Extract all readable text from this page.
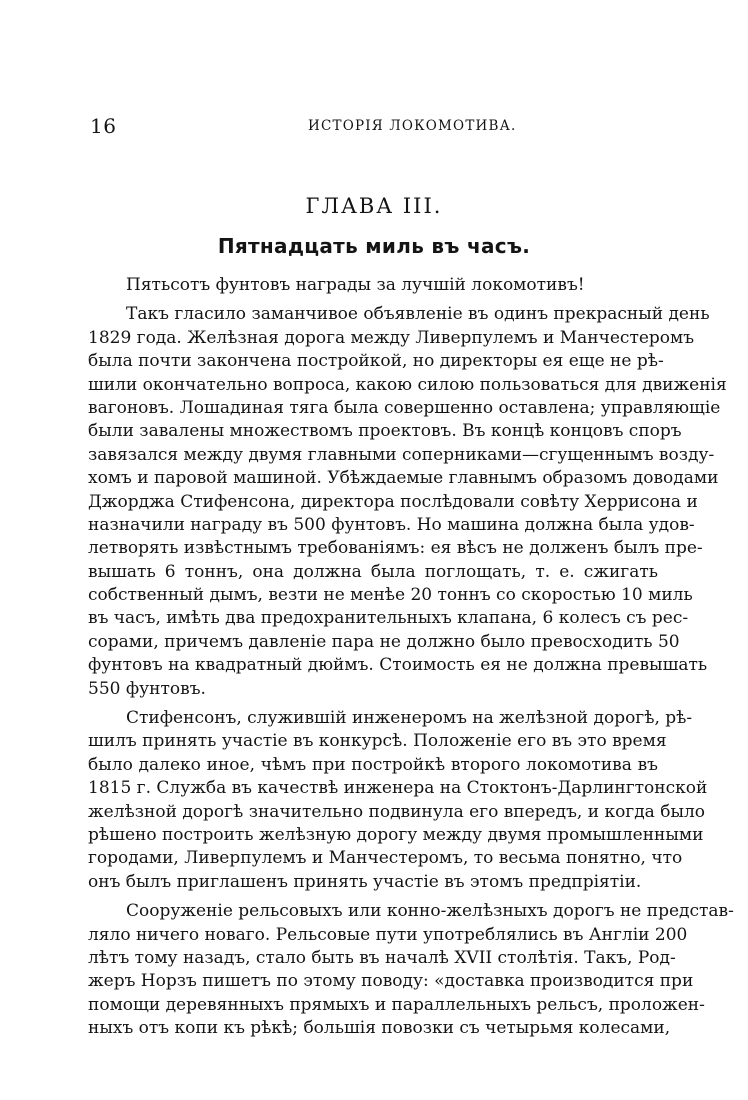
16	ИСТОРІЯ ЛОКОМОТИВА.
ГЛАВА III.
Пятнадцать миль въ часъ.
Пятьсотъ фунтовъ награды за лучшій локомотивъ!
Такъ гласило заманчивое объявленіе въ одинъ прекрасный день
1829 года. Желѣзная дорога между Ливерпулемъ и Манчестеромъ
была почти закончена постройкой, но директоры ея еще не рѣ-
шили окончательно вопроса, какою силою пользоваться для движенія
вагоновъ. Лошадиная тяга была совершенно оставлена; управляющіе
были завалены множествомъ проектовъ. Въ концѣ концовъ споръ
завязался между двумя главными соперниками—сгущеннымъ возду-
хомъ и паровой машиной. Убѣждаемые главнымъ образомъ доводами
Джорджа Стифенсона, директора послѣдовали совѣту Херрисона и
назначили награду въ 500 фунтовъ. Но машина должна была удов-
летворять извѣстнымъ требованіямъ: ея вѣсъ не долженъ былъ пре-
вышать 6 тоннъ, она должна была поглощать, т. е. сжигать
собственный дымъ, везти не менѣе 20 тоннъ со скоростью 10 миль
въ часъ, имѣть два предохранительныхъ клапана, 6 колесъ съ рес-
сорами, причемъ давленіе пара не должно было превосходить 50
фунтовъ на квадратный дюймъ. Стоимость ея не должна превышать
550 фунтовъ.
Стифенсонъ, служившій инженеромъ на желѣзной дорогѣ, рѣ-
шилъ принять участіе въ конкурсѣ. Положеніе его въ это время
было далеко иное, чѣмъ при постройкѣ второго локомотива въ
1815 г. Служба въ качествѣ инженера на Стоктонъ-Дарлингтонской
желѣзной дорогѣ значительно подвинула его впередъ, и когда было
рѣшено построить желѣзную дорогу между двумя промышленными
городами, Ливерпулемъ и Манчестеромъ, то весьма понятно, что
онъ былъ приглашенъ принять участіе въ этомъ предпріятіи.
Сооруженіе рельсовыхъ или конно-желѣзныхъ дорогъ не представ-
ляло ничего новаго. Рельсовые пути употреблялись въ Англіи 200
лѣтъ тому назадъ, стало быть въ началѣ XVII столѣтія. Такъ, Род-
жеръ Норзъ пишетъ по этому поводу: «доставка производится при
помощи деревянныхъ прямыхъ и параллельныхъ рельсъ, проложен-
ныхъ отъ копи къ рѣкѣ; большія повозки съ четырьмя колесами,
